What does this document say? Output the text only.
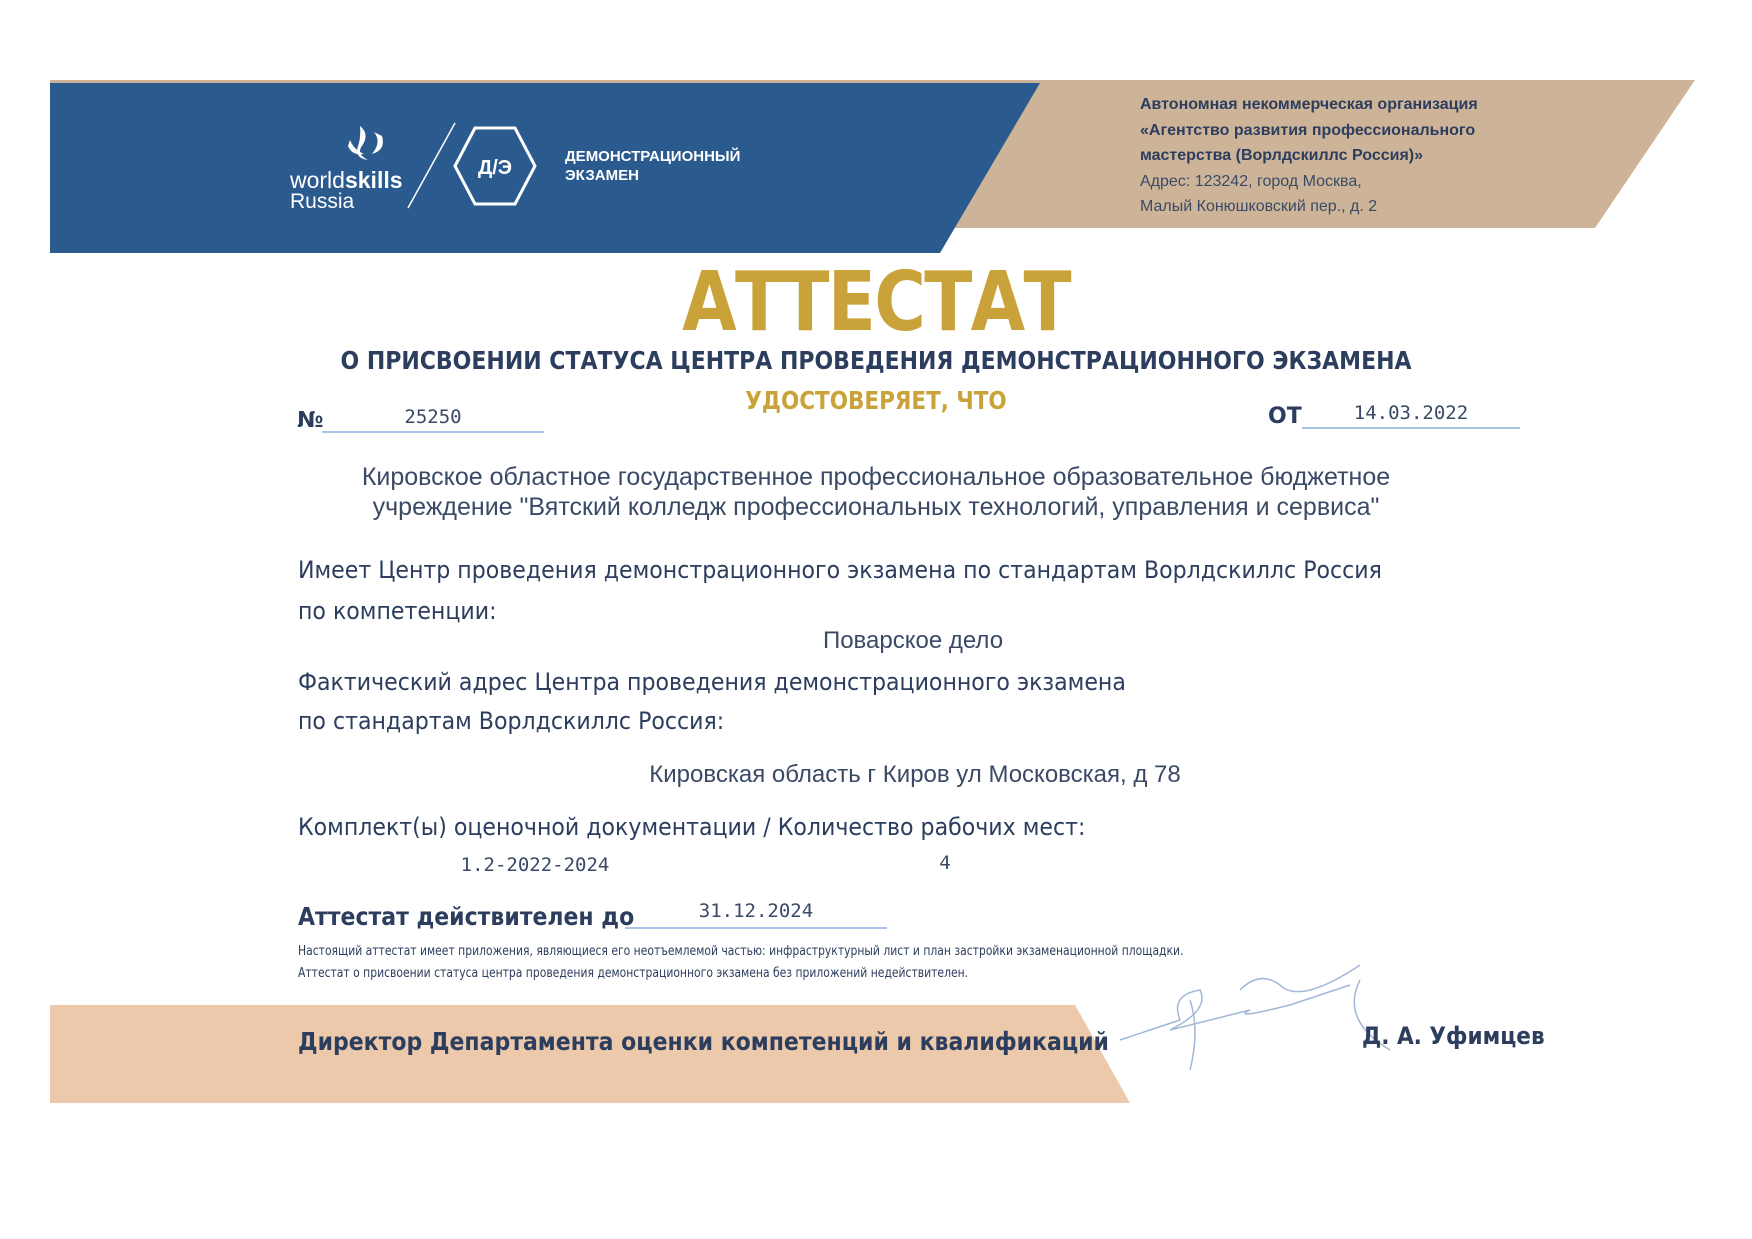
worldskills
Russia
Д/Э
ДЕМОНСТРАЦИОННЫЙ
ЭКЗАМЕН
Автономная некоммерческая организация
«Агентство развития профессионального
мастерства (Ворлдскиллс Россия)»
Адрес: 123242, город Москва,
Малый Конюшковский пер., д. 2
АТТЕСТАТ
О ПРИСВОЕНИИ СТАТУСА ЦЕНТРА ПРОВЕДЕНИЯ ДЕМОНСТРАЦИОННОГО ЭКЗАМЕНА
УДОСТОВЕРЯЕТ, ЧТО
№	25250	ОТ	14.03.2022
Кировское областное государственное профессиональное образовательное бюджетное
учреждение "Вятский колледж профессиональных технологий, управления и сервиса"
Имеет Центр проведения демонстрационного экзамена по стандартам Ворлдскиллс Россия
по компетенции:
Поварское дело
Фактический адрес Центра проведения демонстрационного экзамена
по стандартам Ворлдскиллс Россия:
Кировская область г Киров ул Московская, д 78
Комплект(ы) оценочной документации / Количество рабочих мест:
1.2-2022-2024	4
Аттестат действителен до	31.12.2024
Настоящий аттестат имеет приложения, являющиеся его неотъемлемой частью: инфраструктурный лист и план застройки экзаменационной площадки.
Аттестат о присвоении статуса центра проведения демонстрационного экзамена без приложений недействителен.
Директор Департамента оценки компетенций и квалификаций	Д. А. Уфимцев
